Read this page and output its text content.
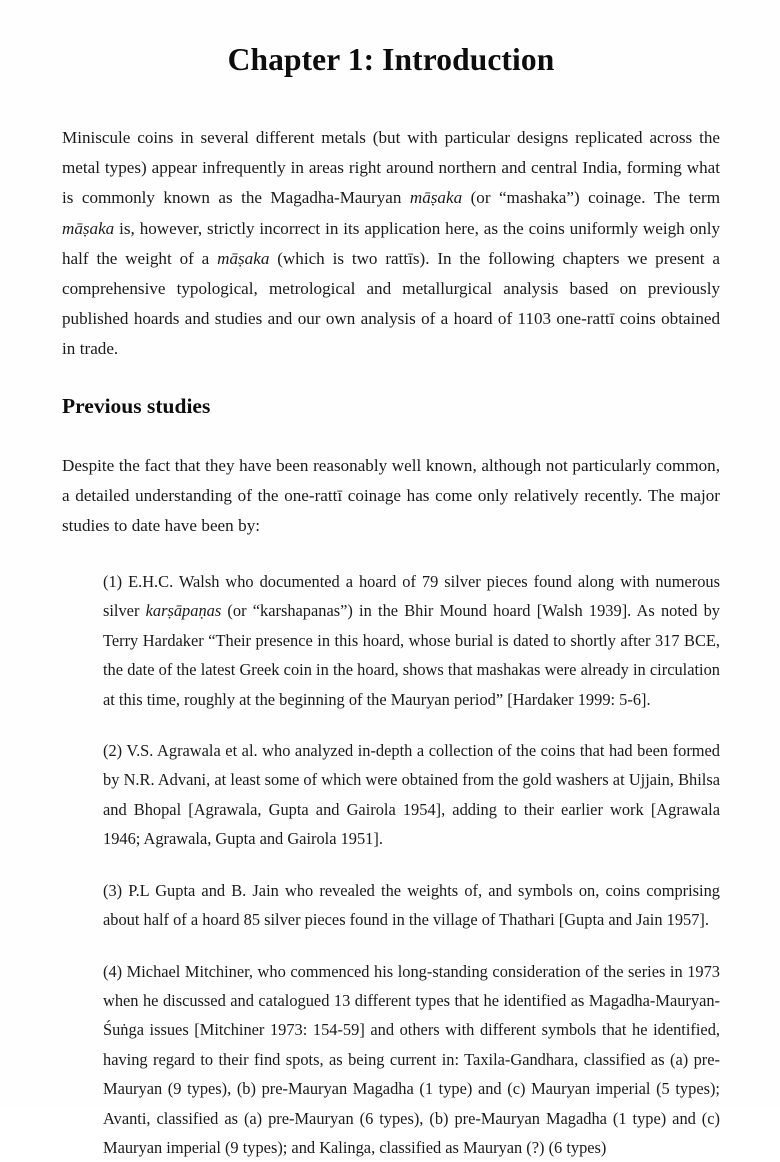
Chapter 1: Introduction

Miniscule coins in several different metals (but with particular designs replicated across the metal types) appear infrequently in areas right around northern and central India, forming what is commonly known as the Magadha-Mauryan māṣaka (or “mashaka”) coinage. The term māṣaka is, however, strictly incorrect in its application here, as the coins uniformly weigh only half the weight of a māṣaka (which is two rattīs). In the following chapters we present a comprehensive typological, metrological and metallurgical analysis based on previously published hoards and studies and our own analysis of a hoard of 1103 one-rattī coins obtained in trade.

Previous studies

Despite the fact that they have been reasonably well known, although not particularly common, a detailed understanding of the one-rattī coinage has come only relatively recently. The major studies to date have been by:

(1) E.H.C. Walsh who documented a hoard of 79 silver pieces found along with numerous silver karṣāpaṇas (or “karshapanas”) in the Bhir Mound hoard [Walsh 1939]. As noted by Terry Hardaker “Their presence in this hoard, whose burial is dated to shortly after 317 BCE, the date of the latest Greek coin in the hoard, shows that mashakas were already in circulation at this time, roughly at the beginning of the Mauryan period” [Hardaker 1999: 5-6].

(2) V.S. Agrawala et al. who analyzed in-depth a collection of the coins that had been formed by N.R. Advani, at least some of which were obtained from the gold washers at Ujjain, Bhilsa and Bhopal [Agrawala, Gupta and Gairola 1954], adding to their earlier work [Agrawala 1946; Agrawala, Gupta and Gairola 1951].

(3) P.L Gupta and B. Jain who revealed the weights of, and symbols on, coins comprising about half of a hoard 85 silver pieces found in the village of Thathari [Gupta and Jain 1957].

(4) Michael Mitchiner, who commenced his long-standing consideration of the series in 1973 when he discussed and catalogued 13 different types that he identified as Magadha-Mauryan-Śuṅga issues [Mitchiner 1973: 154-59] and others with different symbols that he identified, having regard to their find spots, as being current in: Taxila-Gandhara, classified as (a) pre-Mauryan (9 types), (b) pre-Mauryan Magadha (1 type) and (c) Mauryan imperial (5 types); Avanti, classified as (a) pre-Mauryan (6 types), (b) pre-Mauryan Magadha (1 type) and (c) Mauryan imperial (9 types); and Kalinga, classified as Mauryan (?) (6 types)
